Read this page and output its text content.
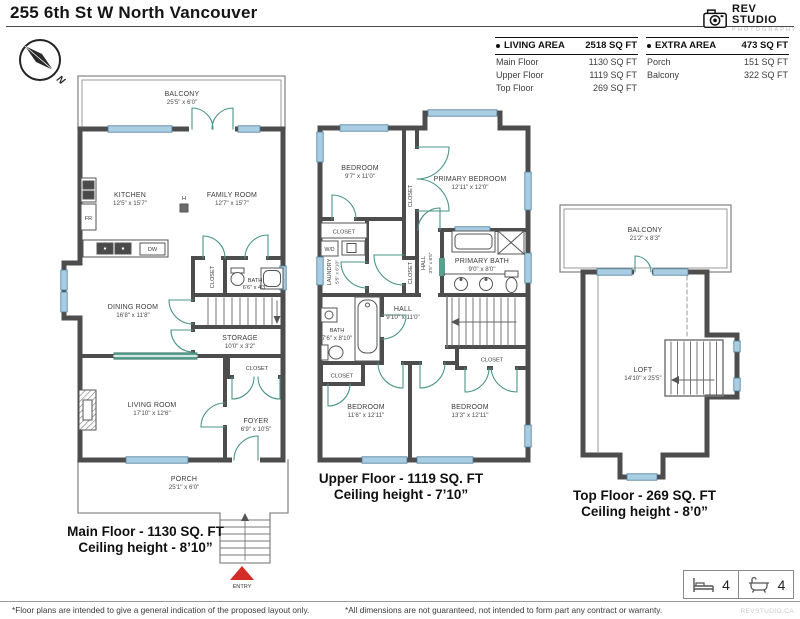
N
BALCONY
25'5" x 6'0"
KITCHEN
12'5" x 15'7"
FAMILY ROOM
12'7" x 15'7"
DINING ROOM
16'8" x 11'8"
CLOSET	BATH
6'6" x 4'3"
STORAGE
10'0" x 3'2"
CLOSET
LIVING ROOM
17'10" x 12'6"
FOYER
6'9" x 10'5"
PORCH
25'1" x 6'0"
FR
DW
H
ENTRY
BEDROOM
9'7" x 11'0"	PRIMARY BEDROOM
12'11" x 12'0"
CLOSET
CLOSET
W/D
LAUNDRY 5'5" x 6'10"	CLOSET HALL 3'5" x 8'5"	PRIMARY BATH
9'0" x 8'0"
HALL
9'10" x 11'0"
BATH
7'6" x 8'10"
CLOSET
CLOSET
BEDROOM
11'6" x 12'11"
BEDROOM
13'3" x 12'11"
BALCONY
21'2" x 8'3"
LOFT
14'10" x 25'5"
255 6th St W North Vancouver	REV STUDIO
PHOTOGRAPHY
LIVING AREA 2518 SQ FT
Main Floor	1130 SQ FT
Upper Floor	1119 SQ FT
Top Floor	269 SQ FT
EXTRA AREA	473 SQ FT
Porch	151 SQ FT
Balcony	322 SQ FT
Main Floor - 1130 SQ. FT
Ceiling height - 8’10”
Upper Floor - 1119 SQ. FT
Ceiling height - 7’10”	Top Floor - 269 SQ. FT
Ceiling height - 8’0”
4	4
*Floor plans are intended to give a general indication of the proposed layout only.	*All dimensions are not guaranteed, not intended to form part any contract or warranty.	REVSTUDIO.CA
